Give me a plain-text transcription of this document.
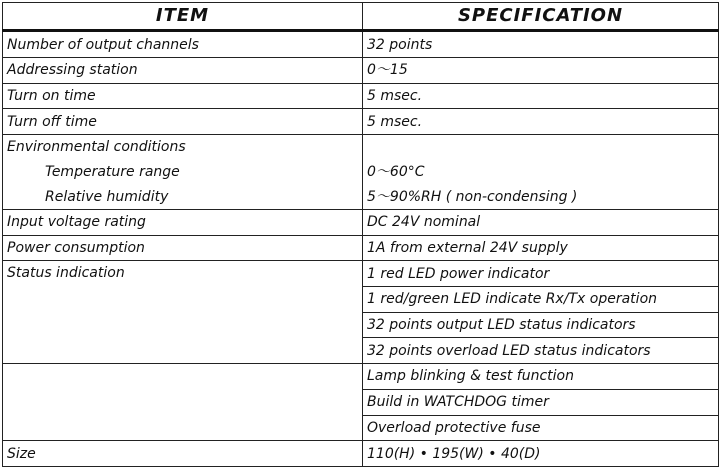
ITEM	SPECIFICATION
Number of output channels	32 points
Addressing station	0～15
Turn on time	5 msec.
Turn off time	5 msec.
Environmental conditions	
Temperature range	0～60°C
Relative humidity	5～90%RH ( non-condensing )
Input voltage rating	DC 24V nominal
Power consumption	1A from external 24V supply
Status indication	1 red LED power indicator
	1 red/green LED indicate Rx/Tx operation
	32 points output LED status indicators
	32 points overload LED status indicators
	Lamp blinking & test function
	Build in WATCHDOG timer
	Overload protective fuse
Size	110(H) • 195(W) • 40(D)
